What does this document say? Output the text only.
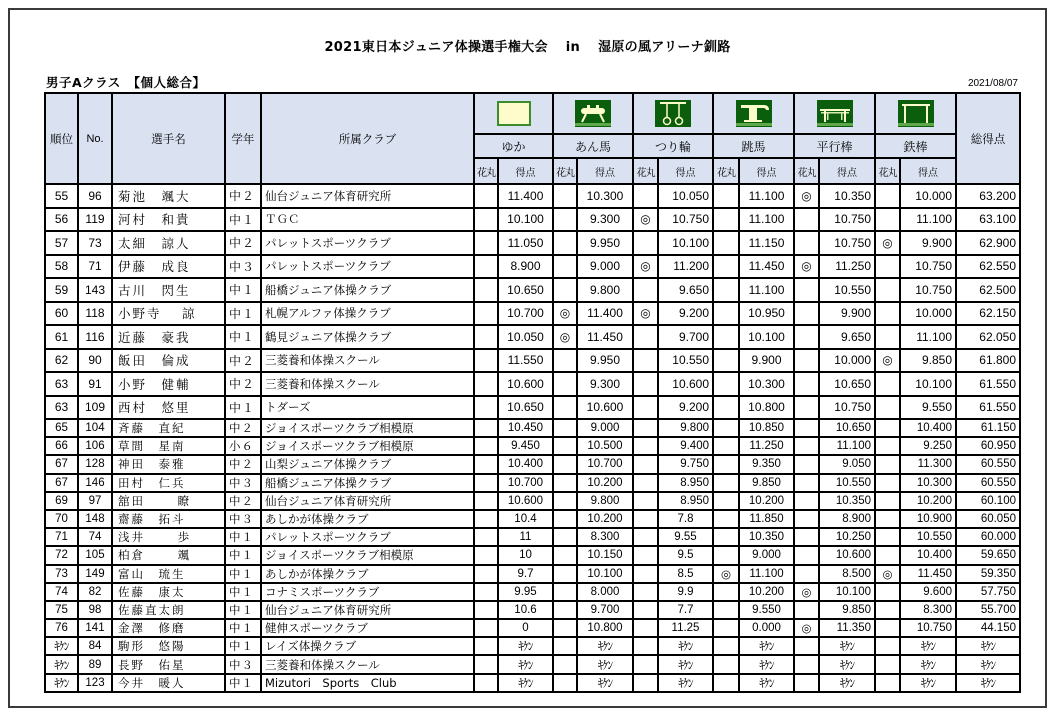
2021東日本ジュニア体操選手権大会 in 湿原の風アリーナ釧路
男子Aクラス　【個人総合】	2021/08/07
順位	No.	選手名	学年	所属クラブ													総得点
					ゆか		あん馬		つり輪		跳馬		平行棒		鉄棒		
					花丸	得点	花丸	得点	花丸	得点	花丸	得点	花丸	得点	花丸	得点	
55	96	菊池　颯大	中２	仙台ジュニア体育研究所		11.400		10.300		10.050		11.100	◎	10.350		10.000	63.200
56	119	河村　和貴	中１	ＴＧＣ		10.100		9.300	◎	10.750		11.100		10.750		11.100	63.100
57	73	太細　諒人	中２	パレットスポーツクラブ		11.050		9.950		10.100		11.150		10.750	◎	9.900	62.900
58	71	伊藤　成良	中３	パレットスポーツクラブ		8.900		9.000	◎	11.200		11.450	◎	11.250		10.750	62.550
59	143	古川　閃生	中１	船橋ジュニア体操クラブ		10.650		9.800		9.650		11.100		10.550		10.750	62.500
60	118	小野寺　 諒	中１	札幌アルファ体操クラブ		10.700	◎	11.400	◎	9.200		10.950		9.900		10.000	62.150
61	116	近藤　豪我	中１	鶴見ジュニア体操クラブ		10.050	◎	11.450		9.700		10.100		9.650		11.100	62.050
62	90	飯田　倫成	中２	三菱養和体操スクール		11.550		9.950		10.550		9.900		10.000	◎	9.850	61.800
63	91	小野　健輔	中２	三菱養和体操スクール		10.600		9.300		10.600		10.300		10.650		10.100	61.550
63	109	西村　悠里	中１	トダーズ		10.650		10.600		9.200		10.800		10.750		9.550	61.550
65	104	斉藤　直紀	中２	ジョイスポーツクラブ相模原		10.450		9.000		9.800		10.850		10.650		10.400	61.150
66	106	草間　星南	小６	ジョイスポーツクラブ相模原		9.450		10.500		9.400		11.250		11.100		9.250	60.950
67	128	神田　泰雅	中２	山梨ジュニア体操クラブ		10.400		10.700		9.750		9.350		9.050		11.300	60.550
67	146	田村　仁兵	中３	船橋ジュニア体操クラブ		10.700		10.200		8.950		9.850		10.550		10.300	60.550
69	97	舘田　　 瞭	中２	仙台ジュニア体育研究所		10.600		9.800		8.950		10.200		10.350		10.200	60.100
70	148	齋藤　拓斗	中３	あしかが体操クラブ		10.4		10.200		7.8		11.850		8.900		10.900	60.050
71	74	浅井　　 歩	中１	パレットスポーツクラブ		11		8.300		9.55		10.350		10.250		10.550	60.000
72	105	柏倉　　 颯	中１	ジョイスポーツクラブ相模原		10		10.150		9.5		9.000		10.600		10.400	59.650
73	149	富山　琉生	中１	あしかが体操クラブ		9.7		10.100		8.5	◎	11.100		8.500	◎	11.450	59.350
74	82	佐藤　康太	中１	コナミスポーツクラブ		9.95		8.000		9.9		10.200	◎	10.100		9.600	57.750
75	98	佐藤直太朗	中１	仙台ジュニア体育研究所		10.6		9.700		7.7		9.550		9.850		8.300	55.700
76	141	金澤　修磨	中１	健伸スポーツクラブ		0		10.800		11.25		0.000	◎	11.350		10.750	44.150
ｷｹﾝ	84	駒形　悠陽	中１	レイズ体操クラブ		ｷｹﾝ		ｷｹﾝ		ｷｹﾝ		ｷｹﾝ		ｷｹﾝ		ｷｹﾝ	ｷｹﾝ
ｷｹﾝ	89	長野　佑星	中３	三菱養和体操スクール		ｷｹﾝ		ｷｹﾝ		ｷｹﾝ		ｷｹﾝ		ｷｹﾝ		ｷｹﾝ	ｷｹﾝ
ｷｹﾝ	123	今井　暖人	中１	Mizutori　Sports　Club		ｷｹﾝ		ｷｹﾝ		ｷｹﾝ		ｷｹﾝ		ｷｹﾝ		ｷｹﾝ	ｷｹﾝ
